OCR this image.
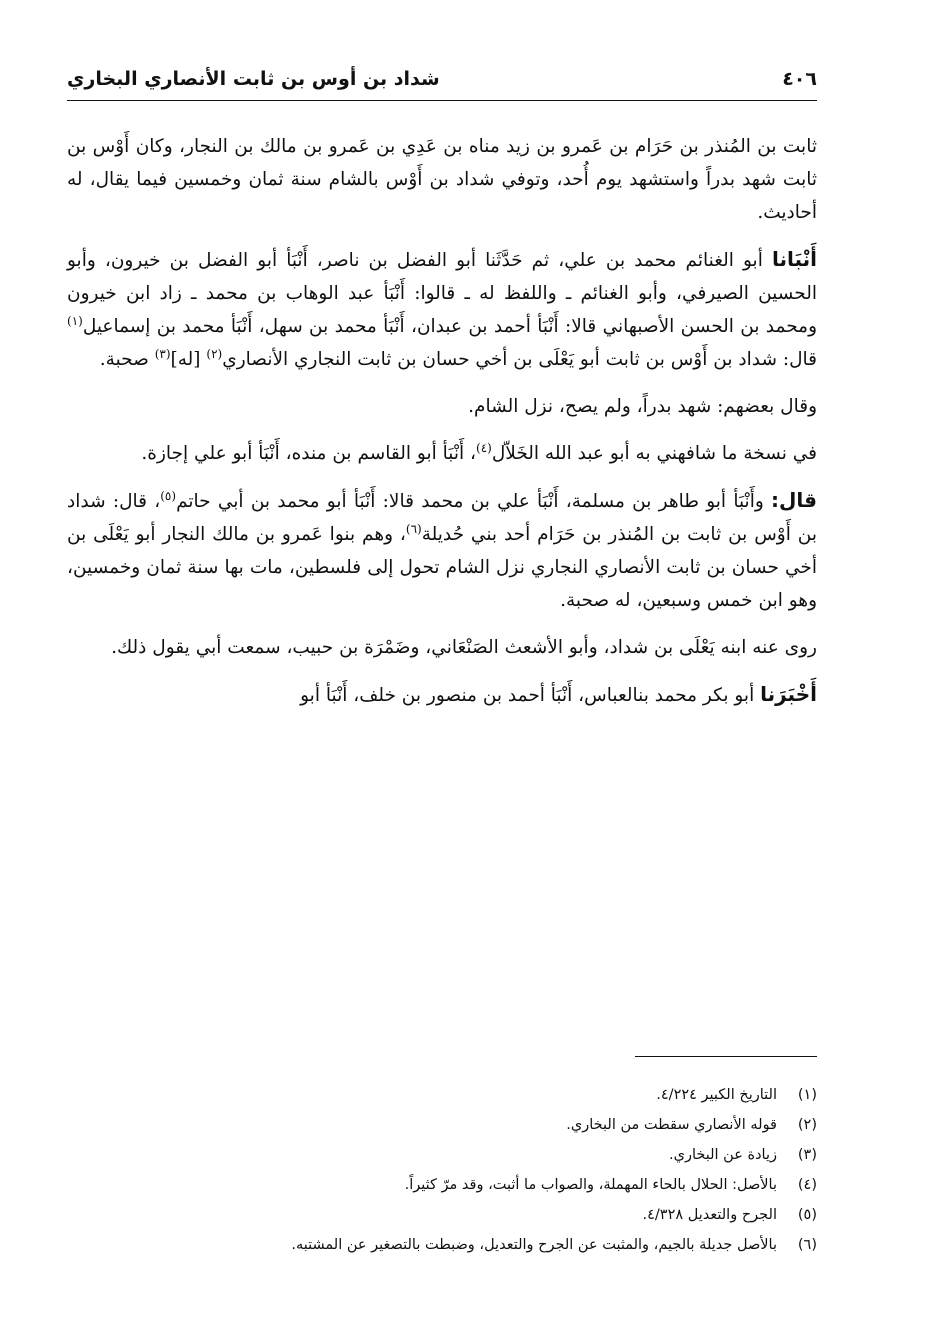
٤٠٦
شداد بن أوس بن ثابت الأنصاري البخاري

ثابت بن المُنذر بن حَرَام بن عَمرو بن زيد مناه بن عَدِي بن عَمرو بن مالك بن النجار، وكان أَوْس بن ثابت شهد بدراً واستشهد يوم أُحد، وتوفي شداد بن أَوْس بالشام سنة ثمان وخمسين فيما يقال، له أحاديث.

أَنْبَانا أبو الغنائم محمد بن علي، ثم حَدَّثَنا أبو الفضل بن ناصر، أَنْبَأ أبو الفضل بن خيرون، وأبو الحسين الصيرفي، وأبو الغنائم ـ واللفظ له ـ قالوا: أَنْبَأ عبد الوهاب بن محمد ـ زاد ابن خيرون ومحمد بن الحسن الأصبهاني قالا: أَنْبَأ أحمد بن عبدان، أَنْبَأ محمد بن سهل، أَنْبَأ محمد بن إسماعيل$^{(١)}$ قال: شداد بن أَوْس بن ثابت أبو يَعْلَى بن أخي حسان بن ثابت النجاري الأنصاري$^{(٢)}$ [له]$^{(٣)}$ صحبة.

وقال بعضهم: شهد بدراً، ولم يصح، نزل الشام.

في نسخة ما شافهني به أبو عبد الله الخَلاّل$^{(٤)}$، أَنْبَأ أبو القاسم بن منده، أَنْبَأ أبو علي إجازة.

قال: وأَنْبَأ أبو طاهر بن مسلمة، أَنْبَأ علي بن محمد قالا: أَنْبَأ أبو محمد بن أبي حاتم$^{(٥)}$، قال: شداد بن أَوْس بن ثابت بن المُنذر بن حَرَام أحد بني حُديلة$^{(٦)}$، وهم بنوا عَمرو بن مالك النجار أبو يَعْلَى بن أخي حسان بن ثابت الأنصاري النجاري نزل الشام تحول إلى فلسطين، مات بها سنة ثمان وخمسين، وهو ابن خمس وسبعين، له صحبة.

روى عنه ابنه يَعْلَى بن شداد، وأبو الأشعث الصَنْعَاني، وضَمْرَة بن حبيب، سمعت أبي يقول ذلك.

أَخْبَرَنا أبو بكر محمد بنالعباس، أَنْبَأ أحمد بن منصور بن خلف، أَنْبَأ أبو

(١)
التاريخ الكبير ٤/٢٢٤.
(٢)
قوله الأنصاري سقطت من البخاري.
(٣)
زيادة عن البخاري.
(٤)
بالأصل: الحلال بالحاء المهملة، والصواب ما أثبت، وقد مرّ كثيراً.
(٥)
الجرح والتعديل ٤/٣٢٨.
(٦)
بالأصل جديلة بالجيم، والمثبت عن الجرح والتعديل، وضبطت بالتصغير عن المشتبه.
